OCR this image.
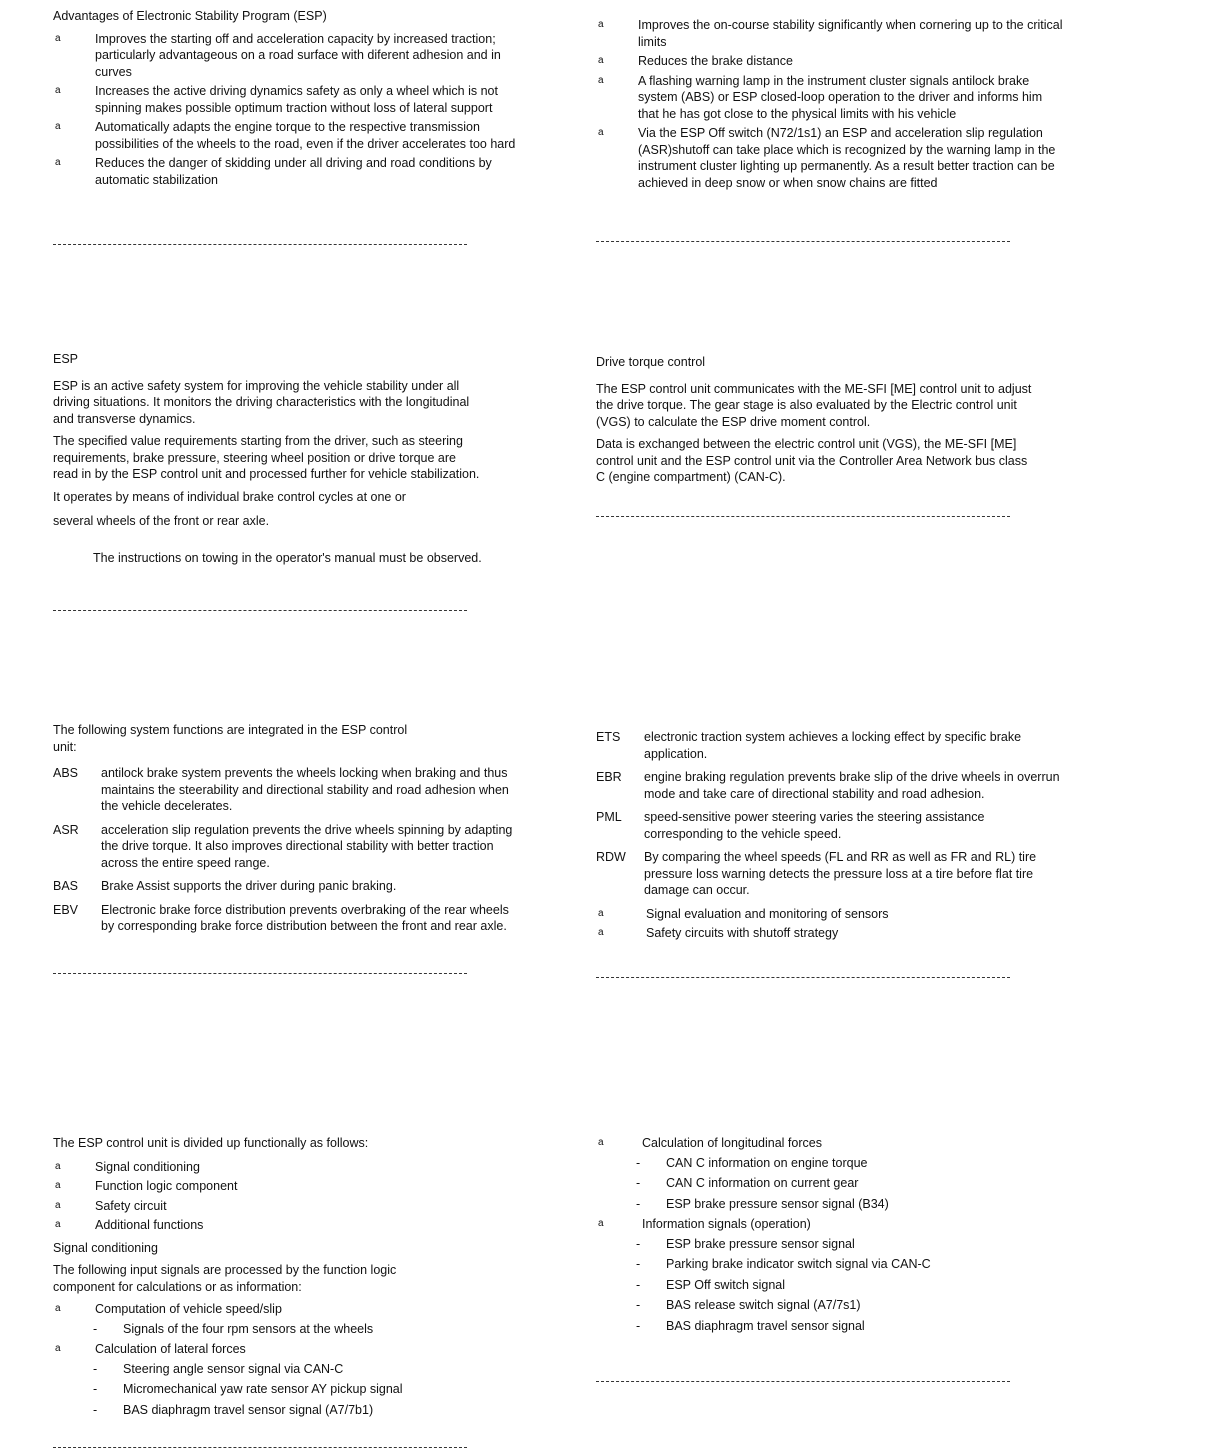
Advantages of Electronic Stability Program (ESP)
a	Improves the starting off and acceleration capacity by increased traction; particularly advantageous on a road surface with diferent adhesion and in curves
a	Increases the active driving dynamics safety as only a wheel which is not spinning makes possible optimum traction without loss of lateral support
a	Automatically adapts the engine torque to the respective transmission possibilities of the wheels to the road, even if the driver accelerates too hard
a	Reduces the danger of skidding under all driving and road conditions by automatic stabilization
a	Improves the on-course stability significantly when cornering up to the critical limits
a	Reduces the brake distance
a	A flashing warning lamp in the instrument cluster signals antilock brake system (ABS) or ESP closed-loop operation to the driver and informs him that he has got close to the physical limits with his vehicle
a	Via the ESP Off switch (N72/1s1) an ESP and acceleration slip regulation (ASR)shutoff can take place which is recognized by the warning lamp in the instrument cluster lighting up permanently. As a result better traction can be achieved in deep snow or when snow chains are fitted
ESP

ESP is an active safety system for improving the vehicle stability under all driving situations. It monitors the driving characteristics with the longitudinal and transverse dynamics.

The specified value requirements starting from the driver, such as steering requirements, brake pressure, steering wheel position or drive torque are read in by the ESP control unit and processed further for vehicle stabilization.

It operates by means of individual brake control cycles at one or

several wheels of the front or rear axle.

The instructions on towing in the operator's manual must be observed.
Drive torque control

The ESP control unit communicates with the ME-SFI [ME] control unit to adjust the drive torque. The gear stage is also evaluated by the Electric control unit (VGS) to calculate the ESP drive moment control.

Data is exchanged between the electric control unit (VGS), the ME-SFI [ME] control unit and the ESP control unit via the Controller Area Network bus class C (engine compartment) (CAN-C).

The following system functions are integrated in the ESP control unit:

ABS	antilock brake system prevents the wheels locking when braking and thus maintains the steerability and directional stability and road adhesion when the vehicle decelerates.
ASR	acceleration slip regulation prevents the drive wheels spinning by adapting the drive torque. It also improves directional stability with better traction across the entire speed range.
BAS	Brake Assist supports the driver during panic braking.
EBV	Electronic brake force distribution prevents overbraking of the rear wheels by corresponding brake force distribution between the front and rear axle.
ETS	electronic traction system achieves a locking effect by specific brake application.
EBR	engine braking regulation prevents brake slip of the drive wheels in overrun mode and take care of directional stability and road adhesion.
PML	speed-sensitive power steering varies the steering assistance corresponding to the vehicle speed.
RDW	By comparing the wheel speeds (FL and RR as well as FR and RL) tire pressure loss warning detects the pressure loss at a tire before flat tire damage can occur.
a	Signal evaluation and monitoring of sensors
a	Safety circuits with shutoff strategy

The ESP control unit is divided up functionally as follows:

a	Signal conditioning
a	Function logic component
a	Safety circuit
a	Additional functions

Signal conditioning

The following input signals are processed by the function logic component for calculations or as information:

a	Computation of vehicle speed/slip
-	Signals of the four rpm sensors at the wheels
a	Calculation of lateral forces
-	Steering angle sensor signal via CAN-C
-	Micromechanical yaw rate sensor AY pickup signal
-	BAS diaphragm travel sensor signal (A7/7b1)
a	Calculation of longitudinal forces
-	CAN C information on engine torque
-	CAN C information on current gear
-	ESP brake pressure sensor signal (B34)
a	Information signals (operation)
-	ESP brake pressure sensor signal
-	Parking brake indicator switch signal via CAN-C
-	ESP Off switch signal
-	BAS release switch signal (A7/7s1)
-	BAS diaphragm travel sensor signal
